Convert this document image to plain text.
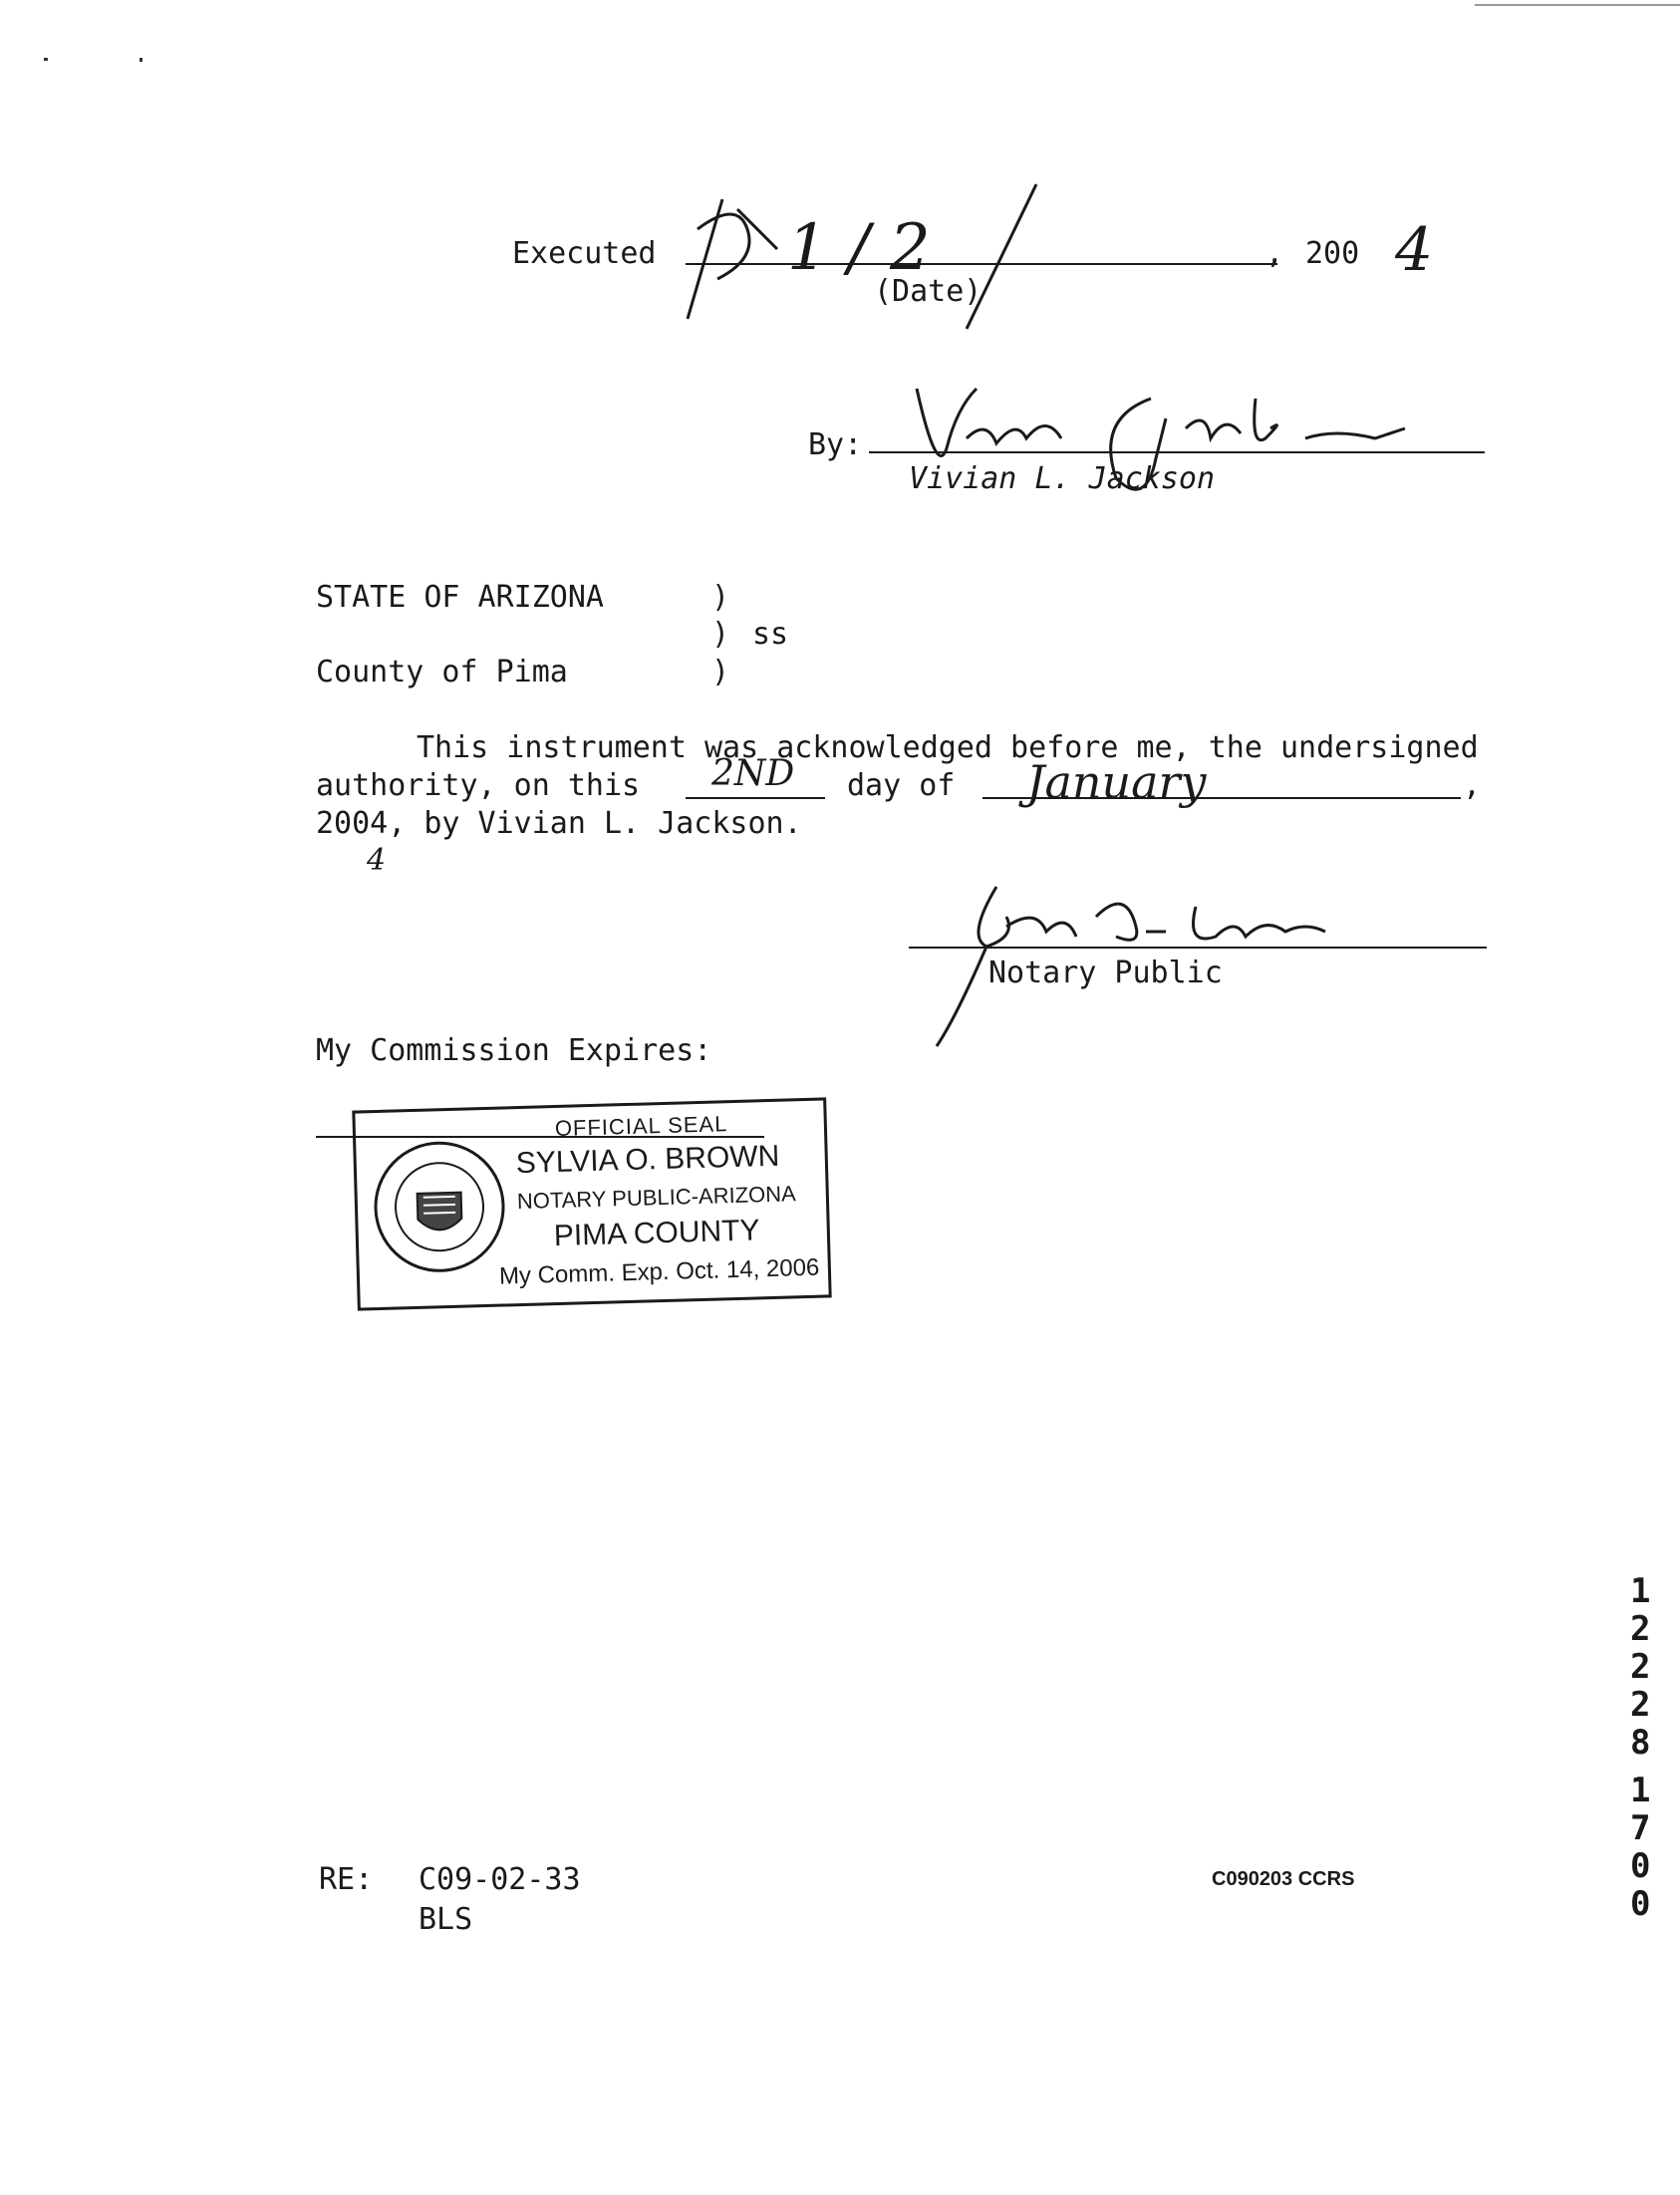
Executed 1 / 2
(Date)
, 200 4
By:
Vivian L. Jackson
STATE OF ARIZONA	)
) ss
County of Pima	)
This instrument was acknowledged before me, the undersigned
authority, on this 2ND day of January	,
2004, by Vivian L. Jackson.
4
Notary Public
My Commission Expires:
OFFICIAL SEAL
SYLVIA O. BROWN
NOTARY PUBLIC-ARIZONA
PIMA COUNTY
My Comm. Exp. Oct. 14, 2006
RE: C09-02-33
BLS
C090203 CCRS
1
2
2
2
8
1
7
0
0
